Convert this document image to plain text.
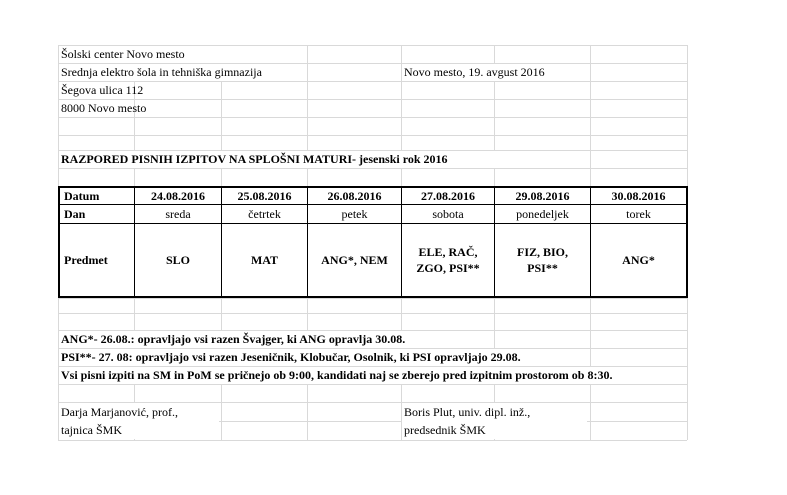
Šolski center Novo mesto
Srednja elektro šola in tehniška gimnazija	Novo mesto, 19. avgust 2016
Šegova ulica 112
8000 Novo mesto
RAZPORED PISNIH IZPITOV NA SPLOŠNI MATURI- jesenski rok 2016
Datum
Dan
Predmet
24.08.2016
sreda
SLO
25.08.2016
četrtek
MAT
26.08.2016
petek
ANG*, NEM
27.08.2016
sobota
ELE, RAČ,
ZGO, PSI**
29.08.2016
ponedeljek
FIZ, BIO,
PSI**
30.08.2016
torek
ANG*
ANG*- 26.08.: opravljajo vsi razen Švajger, ki ANG opravlja 30.08.
PSI**- 27. 08: opravljajo vsi razen Jeseničnik, Klobučar, Osolnik, ki PSI opravljajo 29.08.
Vsi pisni izpiti na SM in PoM se pričnejo ob 9:00, kandidati naj se zberejo pred izpitnim prostorom ob 8:30.
Darja Marjanović, prof.,
tajnica ŠMK
Boris Plut, univ. dipl. inž.,
predsednik ŠMK
